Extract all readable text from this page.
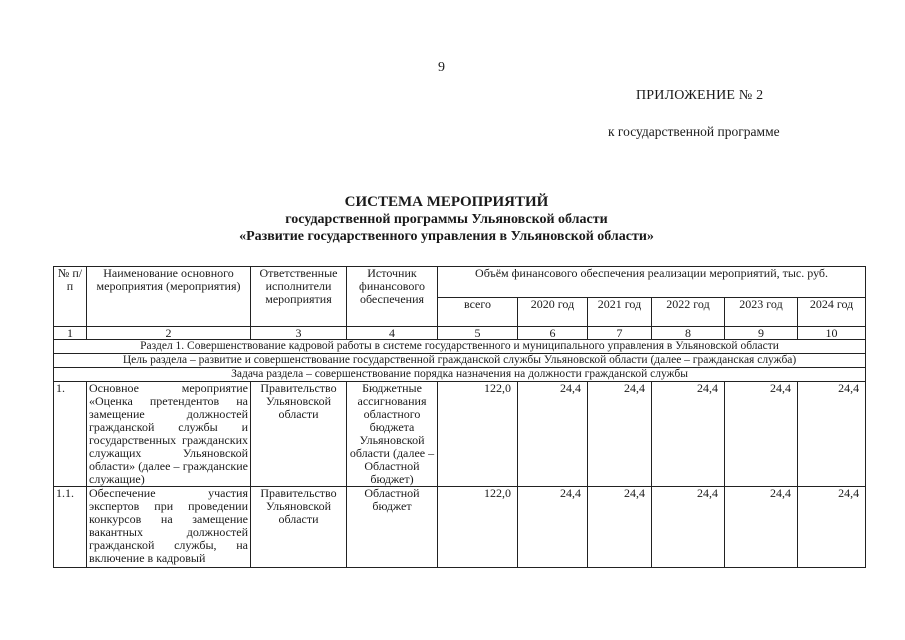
9
ПРИЛОЖЕНИЕ № 2
к государственной программе
СИСТЕМА МЕРОПРИЯТИЙ
государственной программы Ульяновской области
«Развитие государственного управления в Ульяновской области»
№ п/п	Наименование основного мероприятия (мероприятия)	Ответственные исполнители мероприятия	Источник финансового обеспечения	Объём финансового обеспечения реализации мероприятий, тыс. руб.					
				всего	2020 год	2021 год	2022 год	2023 год	2024 год
1	2	3	4	5	6	7	8	9	10
Раздел 1. Совершенствование кадровой работы в системе государственного и муниципального управления в Ульяновской области									
Цель раздела – развитие и совершенствование государственной гражданской службы Ульяновской области (далее – гражданская служба)									
Задача раздела – совершенствование порядка назначения на должности гражданской службы									
1.	Основное мероприятие «Оценка претендентов на замещение должностей гражданской службы и государственных гражданских служащих Ульяновской области» (далее – гражданские служащие)	Правительство Ульяновской области	Бюджетные ассигнования областного бюджета Ульяновской области (далее – Областной бюджет)	122,0	24,4	24,4	24,4	24,4	24,4
1.1.	Обеспечение участия экспертов при проведении конкурсов на замещение вакантных должностей гражданской службы, на включение в кадровый	Правительство Ульяновской области	Областной бюджет	122,0	24,4	24,4	24,4	24,4	24,4
